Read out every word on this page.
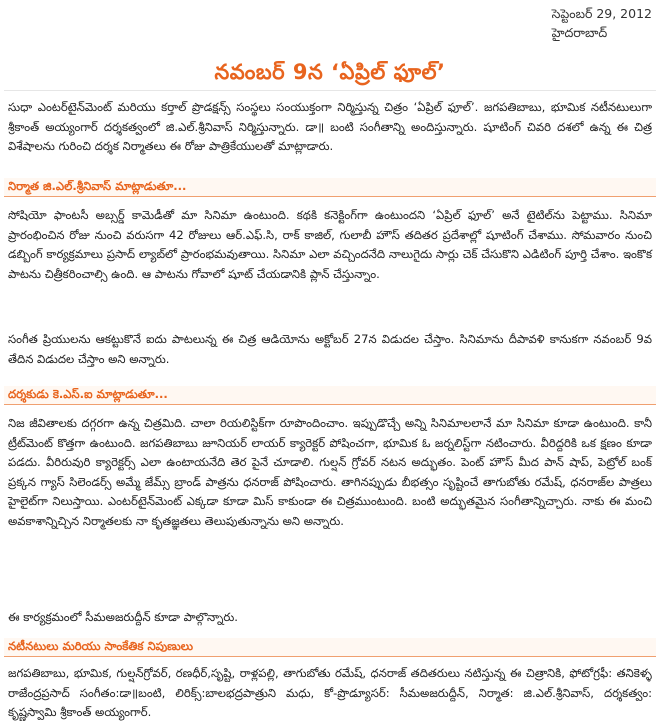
సెప్టెంబర్ 29, 2012
హైదరాబాద్
నవంబర్ 9న ‘ఏప్రిల్ ఫూల్’
సుధా ఎంటర్‌టైన్‌మెంట్ మరియు కర్తాల్ ప్రొడక్షన్స్ సంస్థలు సంయుక్తంగా నిర్మిస్తున్న చిత్రం ‘ఏప్రిల్ ఫూల్’. జగపతిబాబు, భూమిక నటీనటులుగా శ్రీకాంత్ అయ్యంగార్ దర్శకత్వంలో జి.ఎల్.శ్రీనివాస్ నిర్మిస్తున్నారు. డా॥ బంటి సంగీతాన్ని అందిస్తున్నారు. షూటింగ్ చివరి దశలో ఉన్న ఈ చిత్ర విశేషాలను గురించి దర్శక నిర్మాతలు ఈ రోజు పాత్రికేయులతో మాట్లాడారు.
నిర్మాత జి.ఎల్.శ్రీనివాస్ మాట్లాడుతూ...
సోషియో ఫాంటసీ అబ్సర్డ్ కామెడీతో మా సినిమా ఉంటుంది. కథకి కనెక్టింగ్‌గా ఉంటుందని ‘ఏప్రిల్ ఫూల్’ అనే టైటిల్‌ను పెట్టాము. సినిమా ప్రారంభించిన రోజు నుంచి వరుసగా 42 రోజులు ఆర్.ఎఫ్.సి, రాక్ కాజిల్, గులాబీ హౌస్ తదితర ప్రదేశాల్లో షూటింగ్ చేశాము. సోమవారం నుంచి డబ్బింగ్ కార్యక్రమాలు ప్రసాద్ ల్యాబ్‌లో ప్రారంభమవుతాయి. సినిమా ఎలా వచ్చిందనేది నాలుగైదు సార్లు చెక్ చేసుకొని ఎడిటింగ్ పూర్తి చేశాం. ఇంకొక పాటను చిత్రీకరించాల్సి ఉంది. ఆ పాటను గోవాలో షూట్ చేయడానికి ప్లాన్ చేస్తున్నాం.
సంగీత ప్రియులను ఆకట్టుకొనే ఐదు పాటలున్న ఈ చిత్ర ఆడియోను అక్టోబర్ 27న విడుదల చేస్తాం. సినిమాను దీపావళి కానుకగా నవంబర్ 9వ తేదిన విడుదల చేస్తాం అని అన్నారు.
దర్శకుడు కె.ఎస్.ఐ మాట్లాడుతూ...
నిజ జీవితాలకు దగ్గరగా ఉన్న చిత్రమిది. చాలా రియలిస్టిక్‌గా రూపొందించాం. ఇప్పుడొచ్చే అన్ని సినిమాలలానే మా సినిమా కూడా ఉంటుంది. కానీ ట్రీట్‌మెంట్ కొత్తగా ఉంటుంది. జగపతిబాబు జూనియర్ లాయర్ క్యారెక్టర్ పోషించగా, భూమిక ఓ జర్నలిస్ట్‌గా నటించారు. వీరిద్దరికి ఒక క్షణం కూడా పడదు. వీరిరువురి క్యారెక్టర్స్ ఎలా ఉంటాయనేది తెర పైనే చూడాలి. గుల్షన్ గ్రోవర్ నటన అద్భుతం. పెంట్ హౌస్ మీద పాన్ షాప్, పెట్రోల్ బంక్ ప్రక్కన గ్యాస్ సిలెండర్స్ అమ్మే జేమ్స్ బ్రాండ్ పాత్రను ధనరాజ్ పోషించారు. తాగినప్పుడు బీభత్సం సృష్టించే తాగుబోతు రమేష్, ధనరాజ్‌ల పాత్రలు హైలైట్‌గా నిలుస్తాయి. ఎంటర్‌టైన్‌మెంట్ ఎక్కడా కూడా మిస్ కాకుండా ఈ చిత్రముంటుంది. బంటి అద్భుతమైన సంగీతాన్నిచ్చారు. నాకు ఈ మంచి అవకాశాన్నిచ్చిన నిర్మాతలకు నా కృతజ్ఞతలు తెలుపుతున్నాను అని అన్నారు.
ఈ కార్యక్రమంలో సీమఅజరుద్దీన్ కూడా పాల్గొన్నారు.
నటీనటులు మరియు సాంకేతిక నిపుణులు
జగపతిబాబు, భూమిక, గుల్షన్‌గ్రోవర్, రణధీర్,సృష్టి, రాళ్లపల్లి, తాగుబోతు రమేష్, ధనరాజ్ తదితరులు నటిస్తున్న ఈ చిత్రానికి, ఫోటోగ్రఫీ: తనికెళ్ళ రాజేంద్రప్రసాద్ సంగీతం:డా॥బంటి, లిరిక్స్:బాలభద్రపాత్రుని మధు, కో-ప్రొడ్యూసర్: సీమఅజరుద్దీన్, నిర్మాత: జి.ఎల్.శ్రీనివాస్, దర్శకత్వం: కృష్ణస్వామి శ్రీకాంత్ అయ్యంగార్.
